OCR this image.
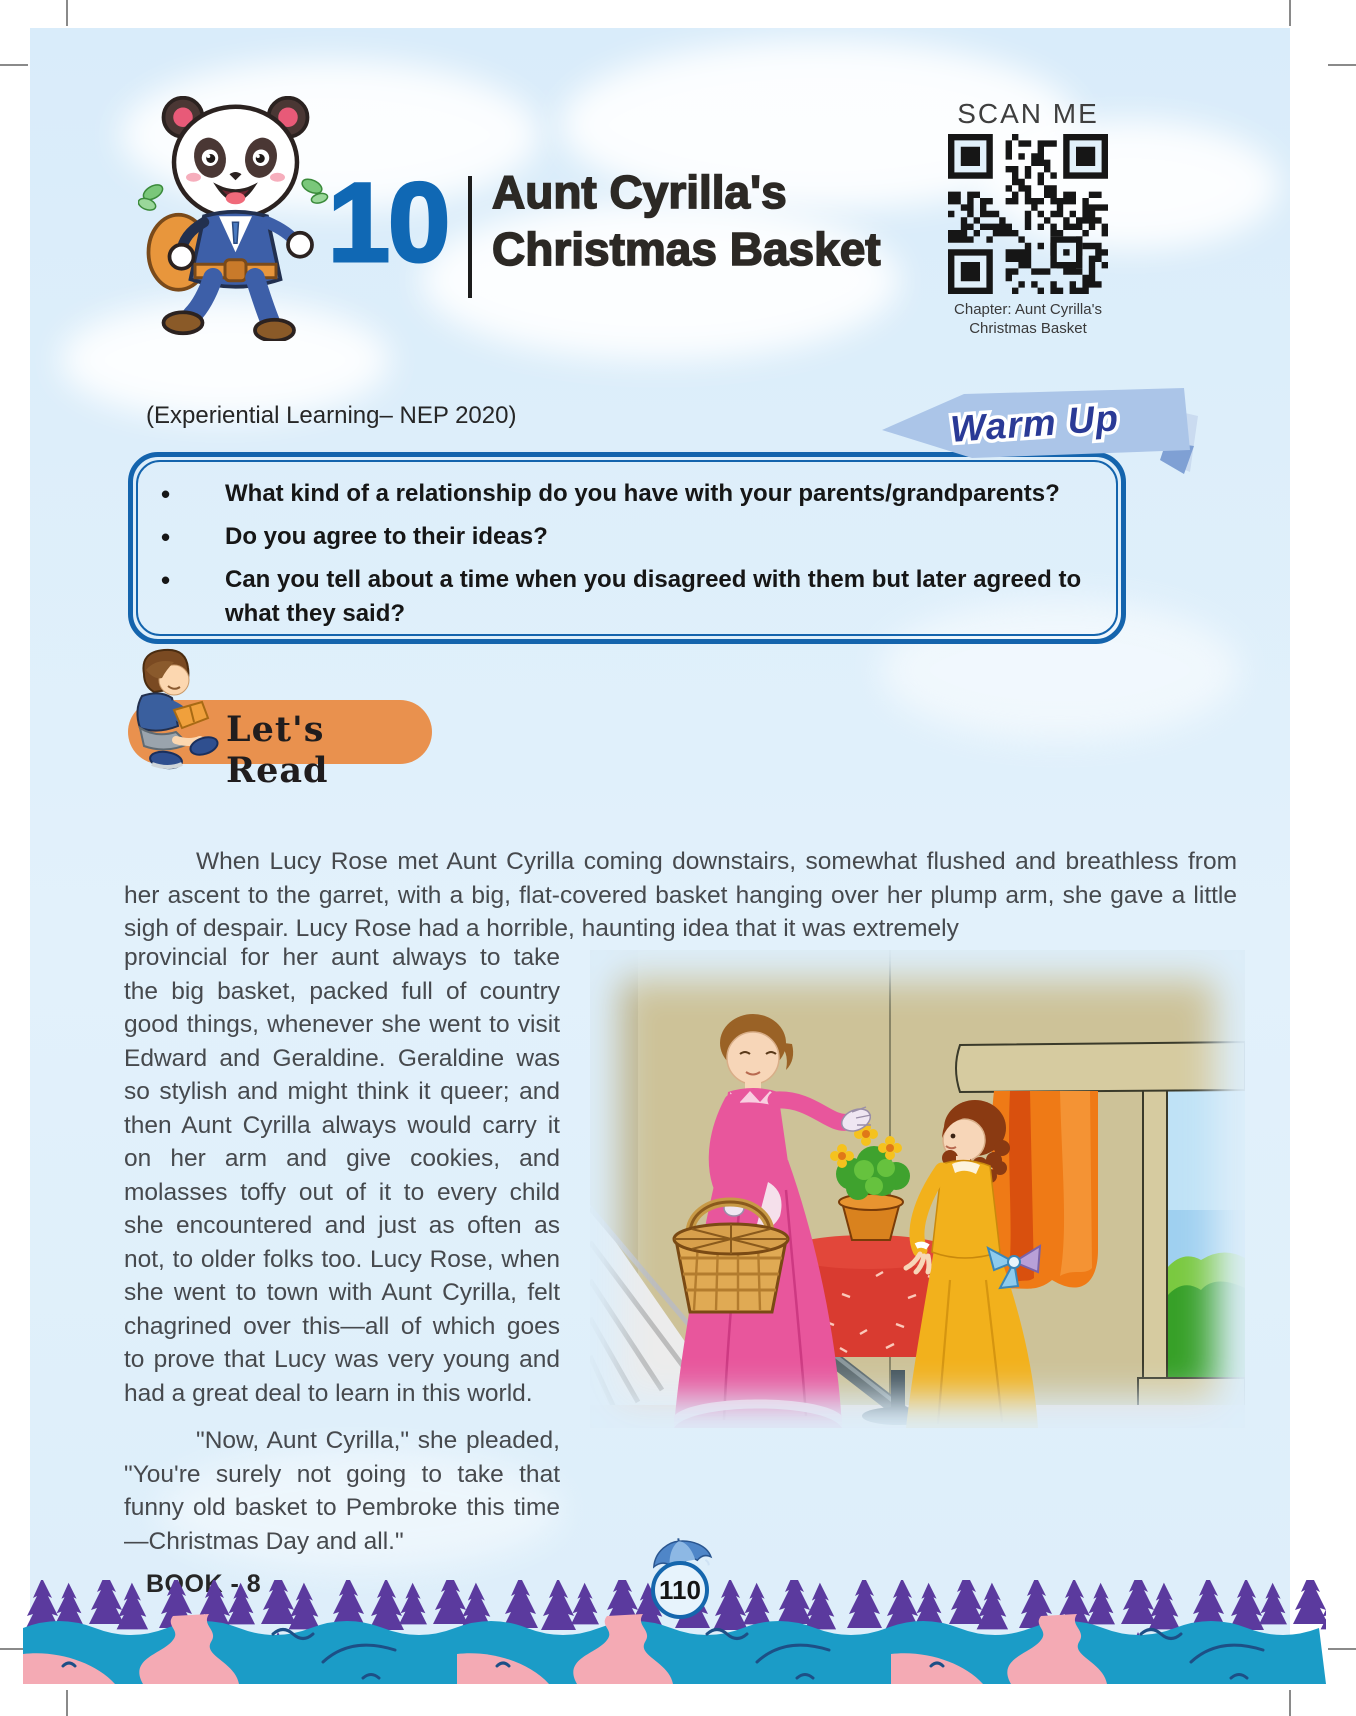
10 Aunt Cyrilla's
Christmas Basket
SCAN ME
Chapter: Aunt Cyrilla's
Christmas Basket
(Experiential Learning– NEP 2020)
• What kind of a relationship do you have with your parents/grandparents?
• Do you agree to their ideas?
• Can you tell about a time when you disagreed with them but later agreed to what they said?
Warm Up
Let's Read
When Lucy Rose met Aunt Cyrilla coming downstairs, somewhat flushed and breathless from her ascent to the garret, with a big, flat-covered basket hanging over her plump arm, she gave a little sigh of despair. Lucy Rose had a horrible, haunting idea that it was extremely
provincial for her aunt always to take the big basket, packed full of country good things, whenever she went to visit Edward and Geraldine. Geraldine was so stylish and might think it queer; and then Aunt Cyrilla always would carry it on her arm and give cookies, and molasses toffy out of it to every child she encountered and just as often as not, to older folks too. Lucy Rose, when she went to town with Aunt Cyrilla, felt chagrined over this—all of which goes to prove that Lucy was very young and had a great deal to learn in this world.
"Now, Aunt Cyrilla," she pleaded, "You're surely not going to take that funny old basket to Pembroke this time—Christmas Day and all."
110
